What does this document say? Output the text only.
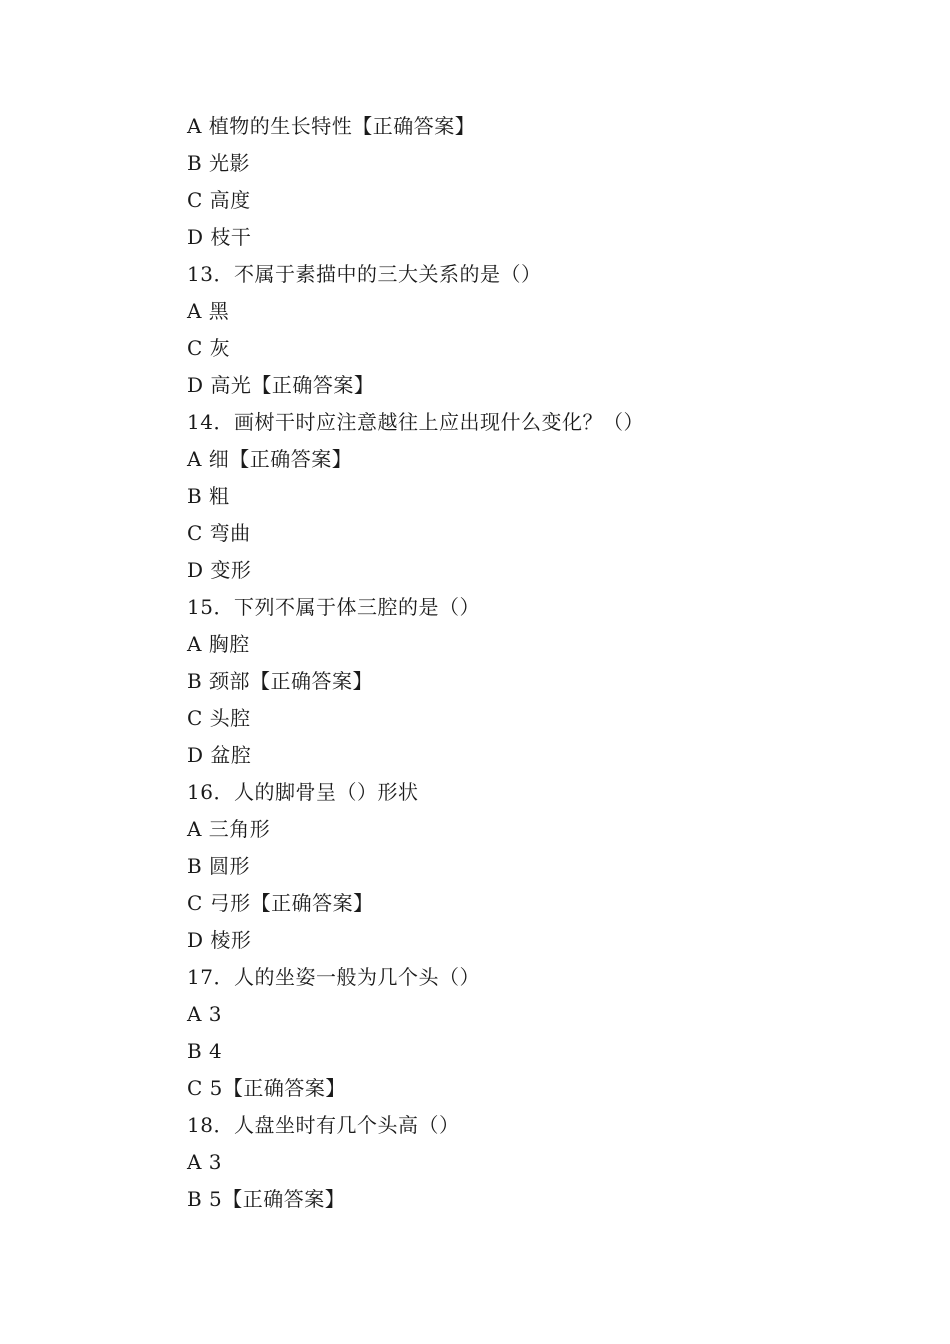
A 植物的生长特性【正确答案】
B 光影
C 高度
D 枝干
13．不属于素描中的三大关系的是（）
A 黑
C 灰
D 高光【正确答案】
14．画树干时应注意越往上应出现什么变化？（）
A 细【正确答案】
B 粗
C 弯曲
D 变形
15．下列不属于体三腔的是（）
A 胸腔
B 颈部【正确答案】
C 头腔
D 盆腔
16．人的脚骨呈（）形状
A 三角形
B 圆形
C 弓形【正确答案】
D 棱形
17．人的坐姿一般为几个头（）
A 3
B 4
C 5【正确答案】
18．人盘坐时有几个头高（）
A 3
B 5【正确答案】
